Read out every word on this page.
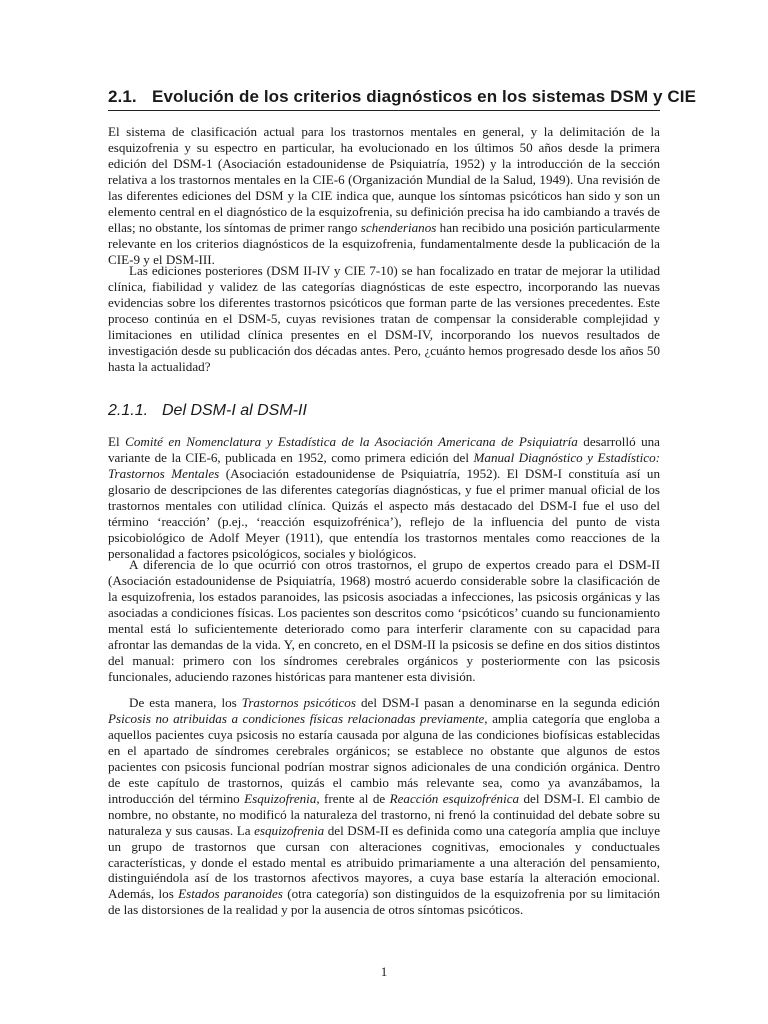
2.1. Evolución de los criterios diagnósticos en los sistemas DSM y CIE

El sistema de clasificación actual para los trastornos mentales en general, y la delimitación de la esquizofrenia y su espectro en particular, ha evolucionado en los últimos 50 años desde la primera edición del DSM-1 (Asociación estadounidense de Psiquiatría, 1952) y la introducción de la sección relativa a los trastornos mentales en la CIE-6 (Organización Mundial de la Salud, 1949). Una revisión de las diferentes ediciones del DSM y la CIE indica que, aunque los síntomas psicóticos han sido y son un elemento central en el diagnóstico de la esquizofrenia, su definición precisa ha ido cambiando a través de ellas; no obstante, los síntomas de primer rango schenderianos han recibido una posición particularmente relevante en los criterios diagnósticos de la esquizofrenia, fundamentalmente desde la publicación de la CIE-9 y el DSM-III.

Las ediciones posteriores (DSM II-IV y CIE 7-10) se han focalizado en tratar de mejorar la utilidad clínica, fiabilidad y validez de las categorías diagnósticas de este espectro, incorporando las nuevas evidencias sobre los diferentes trastornos psicóticos que forman parte de las versiones precedentes. Este proceso continúa en el DSM-5, cuyas revisiones tratan de compensar la considerable complejidad y limitaciones en utilidad clínica presentes en el DSM-IV, incorporando los nuevos resultados de investigación desde su publicación dos décadas antes. Pero, ¿cuánto hemos progresado desde los años 50 hasta la actualidad?

2.1.1. Del DSM-I al DSM-II

El Comité en Nomenclatura y Estadística de la Asociación Americana de Psiquiatría desarrolló una variante de la CIE-6, publicada en 1952, como primera edición del Manual Diagnóstico y Estadístico: Trastornos Mentales (Asociación estadounidense de Psiquiatría, 1952). El DSM-I constituía así un glosario de descripciones de las diferentes categorías diagnósticas, y fue el primer manual oficial de los trastornos mentales con utilidad clínica. Quizás el aspecto más destacado del DSM-I fue el uso del término ‘reacción’ (p.ej., ‘reacción esquizofrénica’), reflejo de la influencia del punto de vista psicobiológico de Adolf Meyer (1911), que entendía los trastornos mentales como reacciones de la personalidad a factores psicológicos, sociales y biológicos.

A diferencia de lo que ocurrió con otros trastornos, el grupo de expertos creado para el DSM-II (Asociación estadounidense de Psiquiatría, 1968) mostró acuerdo considerable sobre la clasificación de la esquizofrenia, los estados paranoides, las psicosis asociadas a infecciones, las psicosis orgánicas y las asociadas a condiciones físicas. Los pacientes son descritos como ‘psicóticos’ cuando su funcionamiento mental está lo suficientemente deteriorado como para interferir claramente con su capacidad para afrontar las demandas de la vida. Y, en concreto, en el DSM-II la psicosis se define en dos sitios distintos del manual: primero con los síndromes cerebrales orgánicos y posteriormente con las psicosis funcionales, aduciendo razones históricas para mantener esta división.

De esta manera, los Trastornos psicóticos del DSM-I pasan a denominarse en la segunda edición Psicosis no atribuidas a condiciones físicas relacionadas previamente, amplia categoría que engloba a aquellos pacientes cuya psicosis no estaría causada por alguna de las condiciones biofísicas establecidas en el apartado de síndromes cerebrales orgánicos; se establece no obstante que algunos de estos pacientes con psicosis funcional podrían mostrar signos adicionales de una condición orgánica. Dentro de este capítulo de trastornos, quizás el cambio más relevante sea, como ya avanzábamos, la introducción del término Esquizofrenia, frente al de Reacción esquizofrénica del DSM-I. El cambio de nombre, no obstante, no modificó la naturaleza del trastorno, ni frenó la continuidad del debate sobre su naturaleza y sus causas. La esquizofrenia del DSM-II es definida como una categoría amplia que incluye un grupo de trastornos que cursan con alteraciones cognitivas, emocionales y conductuales características, y donde el estado mental es atribuido primariamente a una alteración del pensamiento, distinguiéndola así de los trastornos afectivos mayores, a cuya base estaría la alteración emocional. Además, los Estados paranoides (otra categoría) son distinguidos de la esquizofrenia por su limitación de las distorsiones de la realidad y por la ausencia de otros síntomas psicóticos.

1
